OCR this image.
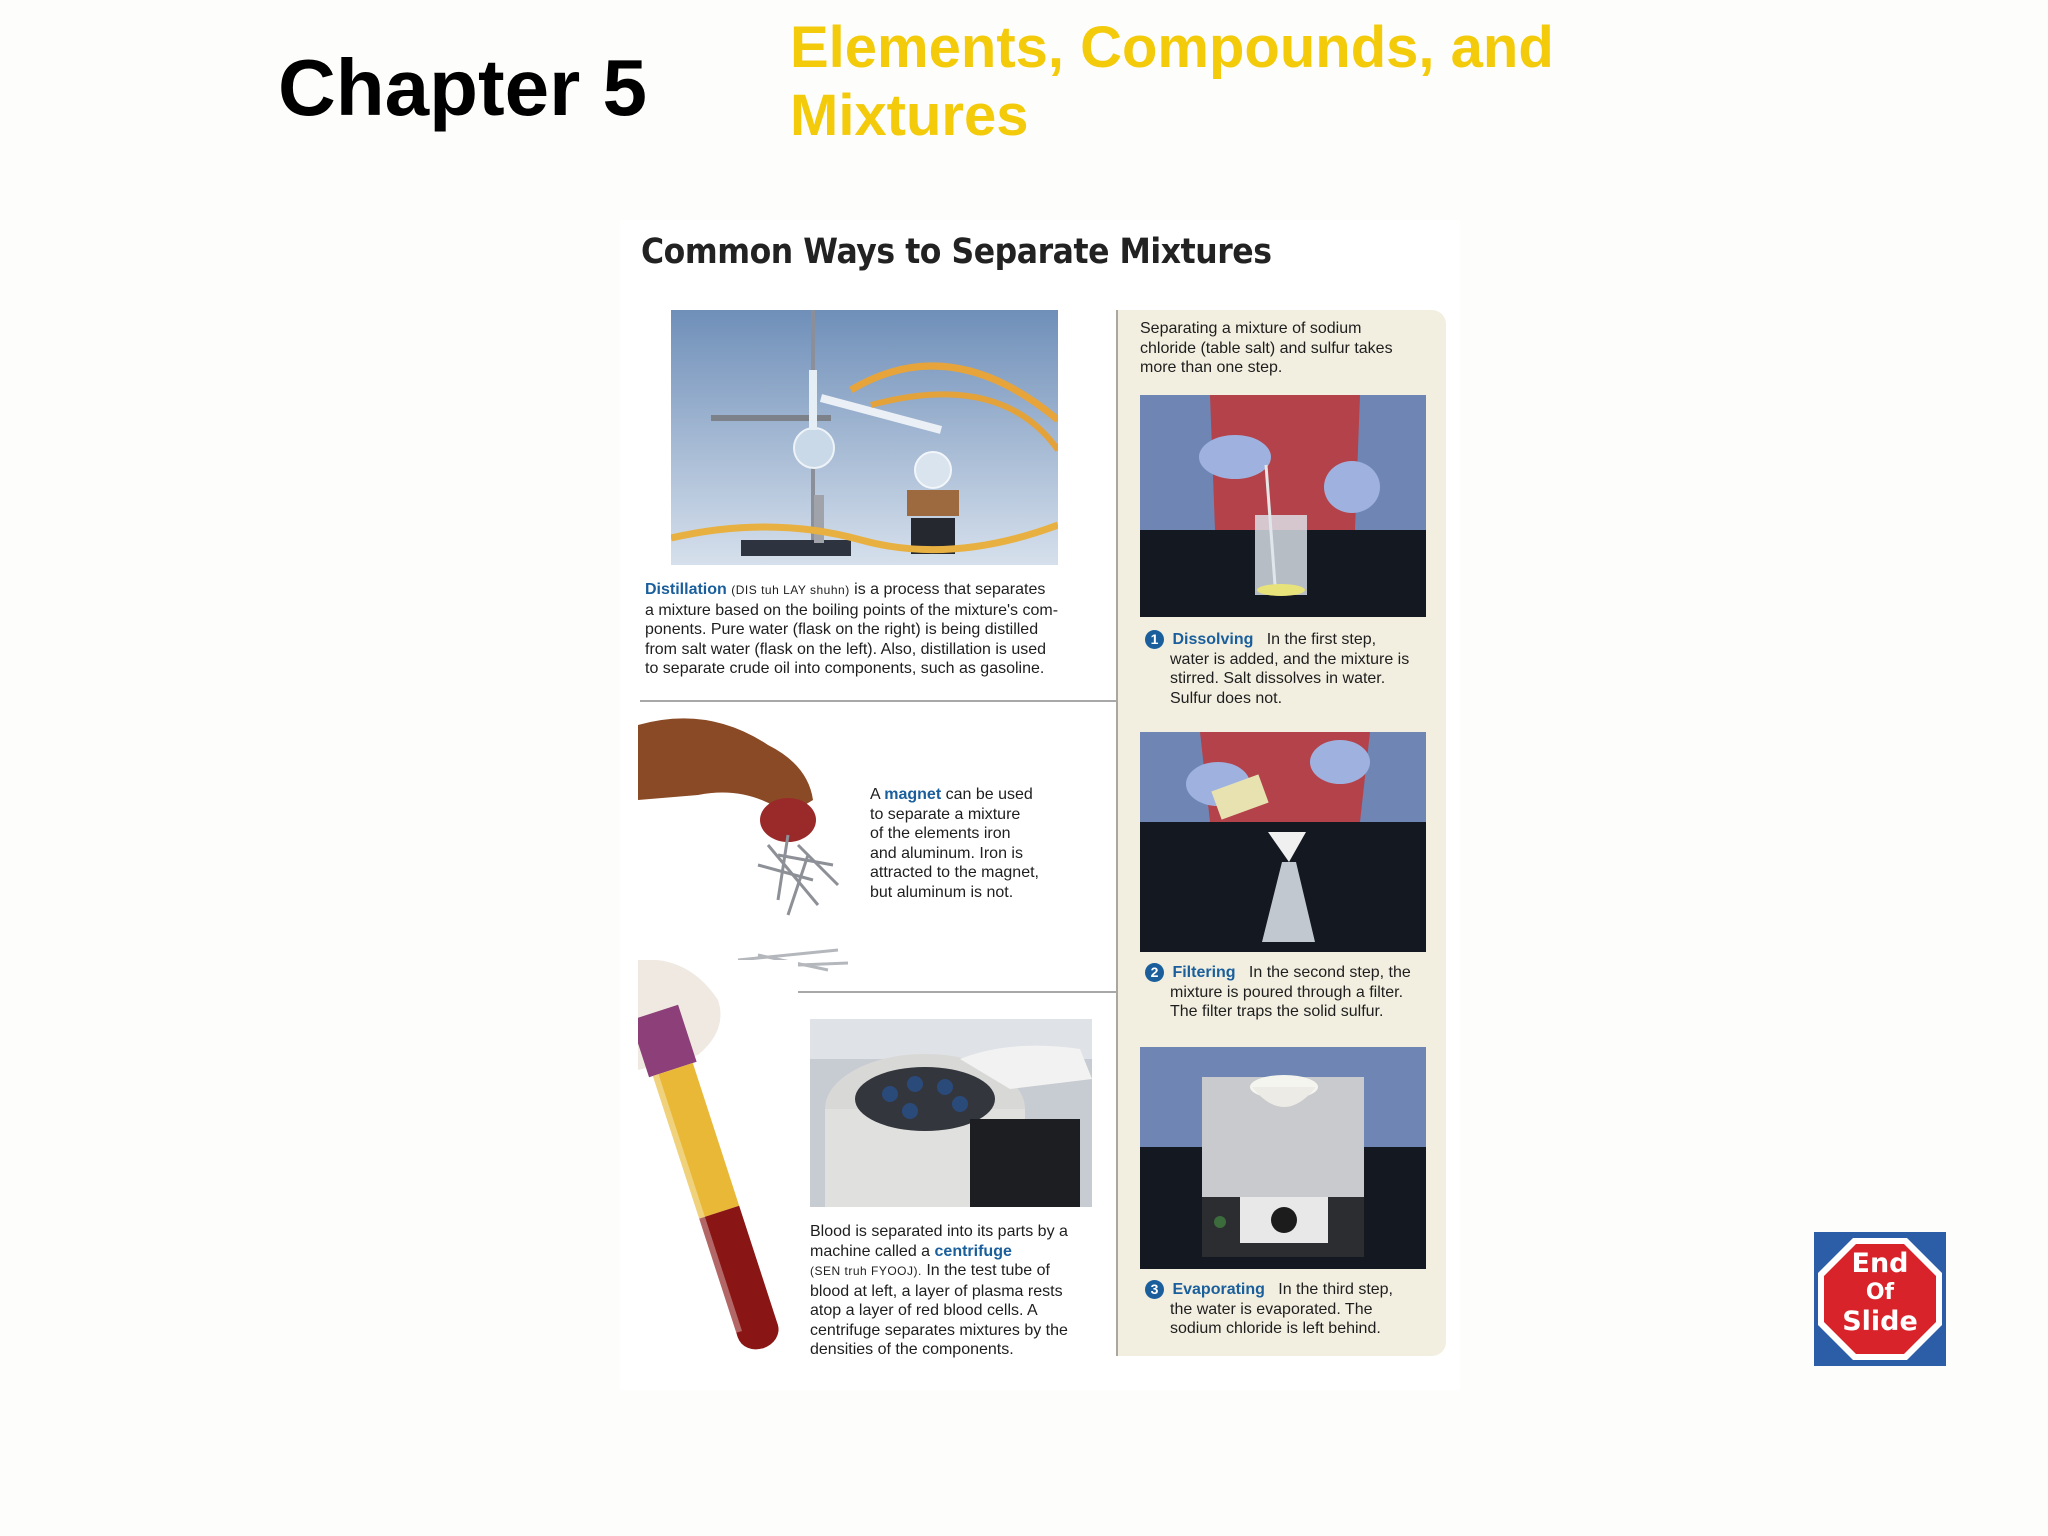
Chapter 5 Elements, Compounds, and
Mixtures
Common Ways to Separate Mixtures
Distillation (DIS tuh LAY shuhn) is a process that separates
a mixture based on the boiling points of the mixture's com-
ponents. Pure water (flask on the right) is being distilled
from salt water (flask on the left). Also, distillation is used
to separate crude oil into components, such as gasoline.
A magnet can be used
to separate a mixture
of the elements iron
and aluminum. Iron is
attracted to the magnet,
but aluminum is not.
Blood is separated into its parts by a
machine called a centrifuge
(SEN truh FYOOJ). In the test tube of
blood at left, a layer of plasma rests
atop a layer of red blood cells. A
centrifuge separates mixtures by the
densities of the components.
Separating a mixture of sodium
chloride (table salt) and sulfur takes
more than one step.
1 Dissolving In the first step,
water is added, and the mixture is
stirred. Salt dissolves in water.
Sulfur does not.
2 Filtering In the second step, the
mixture is poured through a filter.
The filter traps the solid sulfur.
3 Evaporating In the third step,
the water is evaporated. The
sodium chloride is left behind.
End
Of
Slide
